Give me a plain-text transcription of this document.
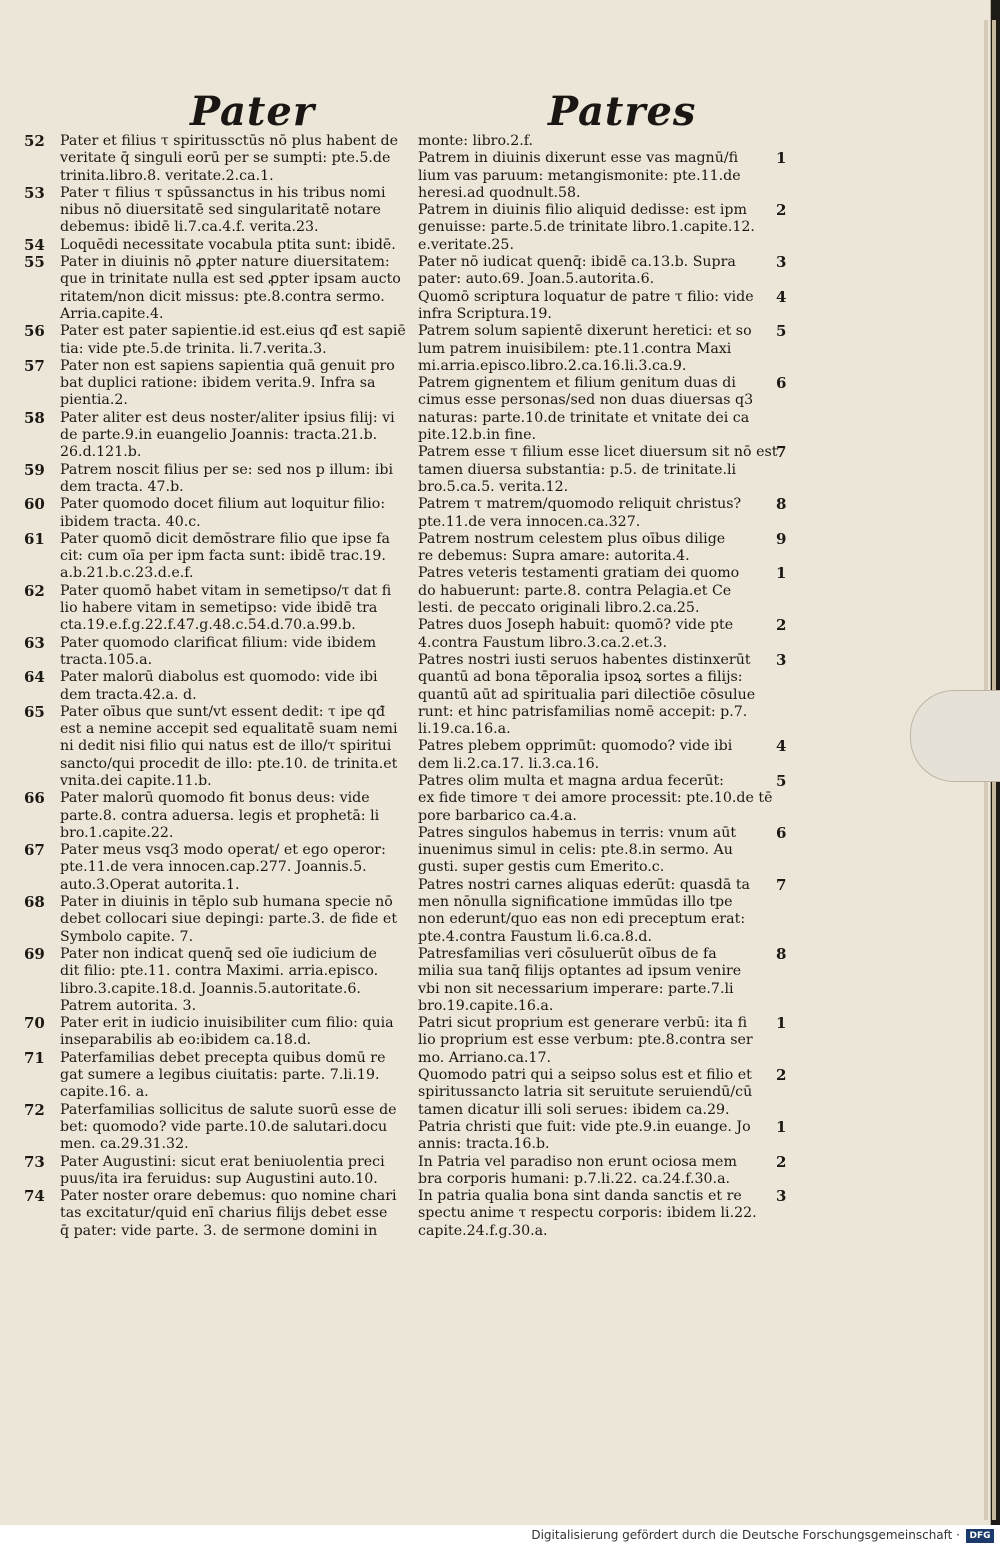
Pater	Patres
52 Pater et filius τ spiritussctūs nō plus habent de
veritate q̄ singuli eorū per se sumpti: pte.5.de
trinita.libro.8. veritate.2.ca.1.
53 Pater τ filius τ spūssanctus in his tribus nomi
nibus nō diuersitatē sed singularitatē notare
debemus: ibidē li.7.ca.4.f. verita.23.
54 Loquēdi necessitate vocabula ptita sunt: ibidē.
55 Pater in diuinis nō ꝓpter nature diuersitatem:
que in trinitate nulla est sed ꝓpter ipsam aucto
ritatem/non dicit missus: pte.8.contra sermo.
Arria.capite.4.
56 Pater est pater sapientie.id est.eius qđ est sapiē
tia: vide pte.5.de trinita. li.7.verita.3.
57 Pater non est sapiens sapientia quā genuit pro
bat duplici ratione: ibidem verita.9. Infra sa
pientia.2.
58 Pater aliter est deus noster/aliter ipsius filij: vi
de parte.9.in euangelio Joannis: tracta.21.b.
26.d.121.b.
59 Patrem noscit filius per se: sed nos p illum: ibi
dem tracta. 47.b.
60 Pater quomodo docet filium aut loquitur filio:
ibidem tracta. 40.c.
61 Pater quomō dicit demōstrare filio que ipse fa
cit: cum oīa per ipm facta sunt: ibidē trac.19.
a.b.21.b.c.23.d.e.f.
62 Pater quomō habet vitam in semetipso/τ dat fi
lio habere vitam in semetipso: vide ibidē tra
cta.19.e.f.g.22.f.47.g.48.c.54.d.70.a.99.b.
63 Pater quomodo clarificat filium: vide ibidem
tracta.105.a.
64 Pater malorū diabolus est quomodo: vide ibi
dem tracta.42.a. d.
65 Pater oībus que sunt/vt essent dedit: τ ipe qđ
est a nemine accepit sed equalitatē suam nemi
ni dedit nisi filio qui natus est de illo/τ spiritui
sancto/qui procedit de illo: pte.10. de trinita.et
vnita.dei capite.11.b.
66 Pater malorū quomodo fit bonus deus: vide
parte.8. contra aduersa. legis et prophetā: li
bro.1.capite.22.
67 Pater meus vsq3 modo operat/ et ego operor:
pte.11.de vera innocen.cap.277. Joannis.5.
auto.3.Operat autorita.1.
68 Pater in diuinis in tēplo sub humana specie nō
debet collocari siue depingi: parte.3. de fide et
Symbolo capite. 7.
69 Pater non indicat quenq̄ sed oīe iudicium de
dit filio: pte.11. contra Maximi. arria.episco.
libro.3.capite.18.d. Joannis.5.autoritate.6.
Patrem autorita. 3.
70 Pater erit in iudicio inuisibiliter cum filio: quia
inseparabilis ab eo:ibidem ca.18.d.
71 Paterfamilias debet precepta quibus domū re
gat sumere a legibus ciuitatis: parte. 7.li.19.
capite.16. a.
72 Paterfamilias sollicitus de salute suorū esse de
bet: quomodo? vide parte.10.de salutari.docu
men. ca.29.31.32.
73 Pater Augustini: sicut erat beniuolentia preci
puus/ita ira feruidus: sup Augustini auto.10.
74 Pater noster orare debemus: quo nomine chari
tas excitatur/quid enī charius filijs debet esse
q̄ pater: vide parte. 3. de sermone domini in
monte: libro.2.f.
1
Patrem in diuinis dixerunt esse vas magnū/fi
lium vas paruum: metangismonite: pte.11.de
heresi.ad quodnult.58.
2
Patrem in diuinis filio aliquid dedisse: est ipm
genuisse: parte.5.de trinitate libro.1.capite.12.
e.veritate.25.
3
Pater nō iudicat quenq̄: ibidē ca.13.b. Supra
pater: auto.69. Joan.5.autorita.6.
4
Quomō scriptura loquatur de patre τ filio: vide
infra Scriptura.19.
5
Patrem solum sapientē dixerunt heretici: et so
lum patrem inuisibilem: pte.11.contra Maxi
mi.arria.episco.libro.2.ca.16.li.3.ca.9.
6
Patrem gignentem et filium genitum duas di
cimus esse personas/sed non duas diuersas q3
naturas: parte.10.de trinitate et vnitate dei ca
pite.12.b.in fine.
7
Patrem esse τ filium esse licet diuersum sit nō est
tamen diuersa substantia: p.5. de trinitate.li
bro.5.ca.5. verita.12.
8
Patrem τ matrem/quomodo reliquit christus?
pte.11.de vera innocen.ca.327.
9
Patrem nostrum celestem plus oībus dilige
re debemus: Supra amare: autorita.4.
1
Patres veteris testamenti gratiam dei quomo
do habuerunt: parte.8. contra Pelagia.et Ce
lesti. de peccato originali libro.2.ca.25.
2
Patres duos Joseph habuit: quomō? vide pte
4.contra Faustum libro.3.ca.2.et.3.
3
Patres nostri iusti seruos habentes distinxerūt
quantū ad bona tēporalia ipsoꝝ sortes a filijs:
quantū aūt ad spiritualia pari dilectiōe cōsulue
runt: et hinc patrisfamilias nomē accepit: p.7.
li.19.ca.16.a.
4
Patres plebem opprimūt: quomodo? vide ibi
dem li.2.ca.17. li.3.ca.16.
5
Patres olim multa et magna ardua fecerūt:
ex fide timore τ dei amore processit: pte.10.de tē
pore barbarico ca.4.a.
6
Patres singulos habemus in terris: vnum aūt
inuenimus simul in celis: pte.8.in sermo. Au
gusti. super gestis cum Emerito.c.
7
Patres nostri carnes aliquas ederūt: quasdā ta
men nōnulla significatione immūdas illo tpe
non ederunt/quo eas non edi preceptum erat:
pte.4.contra Faustum li.6.ca.8.d.
8
Patresfamilias veri cōsuluerūt oībus de fa
milia sua tanq̄ filijs optantes ad ipsum venire
vbi non sit necessarium imperare: parte.7.li
bro.19.capite.16.a.
1
Patri sicut proprium est generare verbū: ita fi
lio proprium est esse verbum: pte.8.contra ser
mo. Arriano.ca.17.
2
Quomodo patri qui a seipso solus est et filio et
spiritussancto latria sit seruitute seruiendū/cū
tamen dicatur illi soli serues: ibidem ca.29.
1
Patria christi que fuit: vide pte.9.in euange. Jo
annis: tracta.16.b.
2
In Patria vel paradiso non erunt ociosa mem
bra corporis humani: p.7.li.22. ca.24.f.30.a.
3
In patria qualia bona sint danda sanctis et re
spectu anime τ respectu corporis: ibidem li.22.
capite.24.f.g.30.a.
Digitalisierung gefördert durch die Deutsche Forschungsgemeinschaft ·	DFG
